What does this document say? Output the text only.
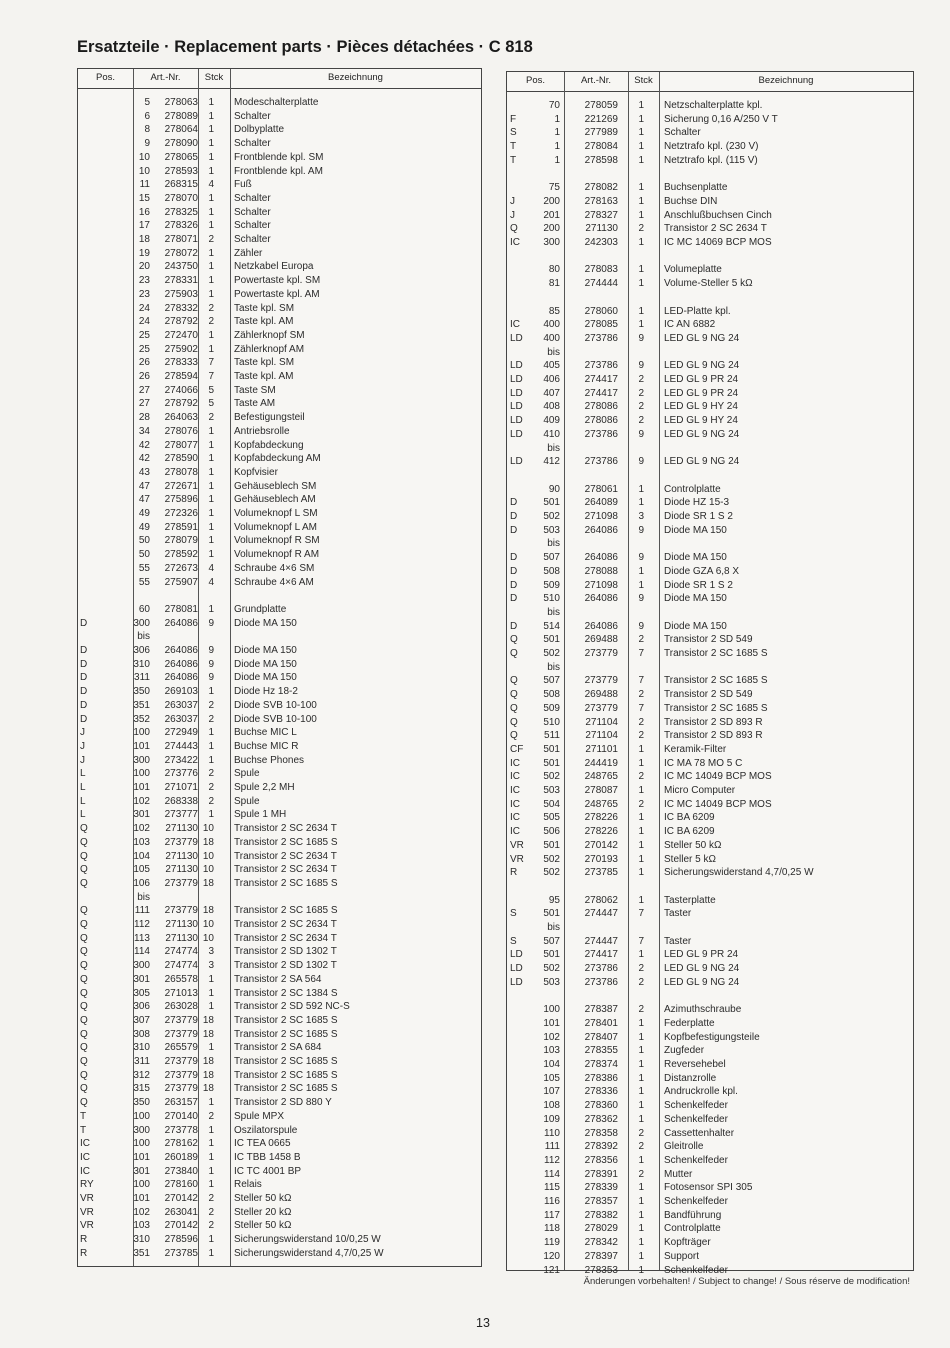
Ersatzteile · Replacement parts · Pièces détachées · C 818
Pos.	Art.-Nr.	Stck	Bezeichnung
5	278063	1 Modeschalterplatte
6	278089	1 Schalter
8	278064	1 Dolbyplatte
9	278090	1 Schalter
10	278065	1 Frontblende kpl. SM
10	278593	1 Frontblende kpl. AM
11	268315	4 Fuß
15	278070	1 Schalter
16	278325	1 Schalter
17	278326	1 Schalter
18	278071	2 Schalter
19	278072	1 Zähler
20	243750	1 Netzkabel Europa
23	278331	1 Powertaste kpl. SM
23	275903	1 Powertaste kpl. AM
24	278332	2 Taste kpl. SM
24	278792	2 Taste kpl. AM
25	272470	1 Zählerknopf SM
25	275902	1 Zählerknopf AM
26	278333	7 Taste kpl. SM
26	278594	7 Taste kpl. AM
27	274066	5 Taste SM
27	278792	5 Taste AM
28	264063	2 Befestigungsteil
34	278076	1 Antriebsrolle
42	278077	1 Kopfabdeckung
42	278590	1 Kopfabdeckung AM
43	278078	1 Kopfvisier
47	272671	1 Gehäuseblech SM
47	275896	1 Gehäuseblech AM
49	272326	1 Volumeknopf L SM
49	278591	1 Volumeknopf L AM
50	278079	1 Volumeknopf R SM
50	278592	1 Volumeknopf R AM
55	272673	4 Schraube 4×6 SM
55	275907	4 Schraube 4×6 AM
60	278081	1 Grundplatte
D	300	264086	9 Diode MA 150
bis
D	306	264086	9 Diode MA 150
D	310	264086	9 Diode MA 150
D	311	264086	9 Diode MA 150
D	350	269103	1 Diode Hz 18-2
D	351	263037	2 Diode SVB 10-100
D	352	263037	2 Diode SVB 10-100
J	100	272949	1 Buchse MIC L
J	101	274443	1 Buchse MIC R
J	300	273422	1 Buchse Phones
L	100	273776	2 Spule
L	101	271071	2 Spule 2,2 MH
L	102	268338	2 Spule
L	301	273777	1 Spule 1 MH
Q	102	271130 10 Transistor 2 SC 2634 T
Q	103	273779 18 Transistor 2 SC 1685 S
Q	104	271130 10 Transistor 2 SC 2634 T
Q	105	271130 10 Transistor 2 SC 2634 T
Q	106	273779 18 Transistor 2 SC 1685 S
bis
Q	111	273779 18 Transistor 2 SC 1685 S
Q	112	271130 10 Transistor 2 SC 2634 T
Q	113	271130 10 Transistor 2 SC 2634 T
Q	114	274774	3 Transistor 2 SD 1302 T
Q	300	274774	3 Transistor 2 SD 1302 T
Q	301	265578	1 Transistor 2 SA 564
Q	305	271013	1 Transistor 2 SC 1384 S
Q	306	263028	1 Transistor 2 SD 592 NC-S
Q	307	273779 18 Transistor 2 SC 1685 S
Q	308	273779 18 Transistor 2 SC 1685 S
Q	310	265579	1 Transistor 2 SA 684
Q	311	273779 18 Transistor 2 SC 1685 S
Q	312	273779 18 Transistor 2 SC 1685 S
Q	315	273779 18 Transistor 2 SC 1685 S
Q	350	263157	1 Transistor 2 SD 880 Y
T	100	270140	2 Spule MPX
T	300	273778	1 Oszilatorspule
IC	100	278162	1 IC TEA 0665
IC	101	260189	1 IC TBB 1458 B
IC	301	273840	1 IC TC 4001 BP
RY	100	278160	1 Relais
VR	101	270142	2 Steller 50 kΩ
VR	102	263041	2 Steller 20 kΩ
VR	103	270142	2 Steller 50 kΩ
R	310	278596	1 Sicherungswiderstand 10/0,25 W
R	351	273785	1 Sicherungswiderstand 4,7/0,25 W
Pos.	Art.-Nr.	Stck	Bezeichnung
70	278059	1 Netzschalterplatte kpl.
F	1	221269	1 Sicherung 0,16 A/250 V T
S	1	277989	1 Schalter
T	1	278084	1 Netztrafo kpl. (230 V)
T	1	278598	1 Netztrafo kpl. (115 V)
75	278082	1 Buchsenplatte
J	200	278163	1 Buchse DIN
J	201	278327	1 Anschlußbuchsen Cinch
Q	200	271130	2 Transistor 2 SC 2634 T
IC	300	242303	1 IC MC 14069 BCP MOS
80	278083	1 Volumeplatte
81	274444	1 Volume-Steller 5 kΩ
85	278060	1 LED-Platte kpl.
IC	400	278085	1 IC AN 6882
LD	400	273786	9 LED GL 9 NG 24
bis
LD	405	273786	9 LED GL 9 NG 24
LD	406	274417	2 LED GL 9 PR 24
LD	407	274417	2 LED GL 9 PR 24
LD	408	278086	2 LED GL 9 HY 24
LD	409	278086	2 LED GL 9 HY 24
LD	410	273786	9 LED GL 9 NG 24
bis
LD	412	273786	9 LED GL 9 NG 24
90	278061	1 Controlplatte
D	501	264089	1 Diode HZ 15-3
D	502	271098	3 Diode SR 1 S 2
D	503	264086	9 Diode MA 150
bis
D	507	264086	9 Diode MA 150
D	508	278088	1 Diode GZA 6,8 X
D	509	271098	1 Diode SR 1 S 2
D	510	264086	9 Diode MA 150
bis
D	514	264086	9 Diode MA 150
Q	501	269488	2 Transistor 2 SD 549
Q	502	273779	7 Transistor 2 SC 1685 S
bis
Q	507	273779	7 Transistor 2 SC 1685 S
Q	508	269488	2 Transistor 2 SD 549
Q	509	273779	7 Transistor 2 SC 1685 S
Q	510	271104	2 Transistor 2 SD 893 R
Q	511	271104	2 Transistor 2 SD 893 R
CF	501	271101	1 Keramik-Filter
IC	501	244419	1 IC MA 78 MO 5 C
IC	502	248765	2 IC MC 14049 BCP MOS
IC	503	278087	1 Micro Computer
IC	504	248765	2 IC MC 14049 BCP MOS
IC	505	278226	1 IC BA 6209
IC	506	278226	1 IC BA 6209
VR	501	270142	1 Steller 50 kΩ
VR	502	270193	1 Steller 5 kΩ
R	502	273785	1 Sicherungswiderstand 4,7/0,25 W
95	278062	1 Tasterplatte
S	501	274447	7 Taster
bis
S	507	274447	7 Taster
LD	501	274417	1 LED GL 9 PR 24
LD	502	273786	2 LED GL 9 NG 24
LD	503	273786	2 LED GL 9 NG 24
100	278387	2 Azimuthschraube
101	278401	1 Federplatte
102	278407	1 Kopfbefestigungsteile
103	278355	1 Zugfeder
104	278374	1 Reversehebel
105	278386	1 Distanzrolle
107	278336	1 Andruckrolle kpl.
108	278360	1 Schenkelfeder
109	278362	1 Schenkelfeder
110	278358	2 Cassettenhalter
111	278392	2 Gleitrolle
112	278356	1 Schenkelfeder
114	278391	2 Mutter
115	278339	1 Fotosensor SPI 305
116	278357	1 Schenkelfeder
117	278382	1 Bandführung
118	278029	1 Controlplatte
119	278342	1 Kopfträger
120	278397	1 Support
121	278353	1 Schenkelfeder
Änderungen vorbehalten! / Subject to change! / Sous réserve de modification!
13
